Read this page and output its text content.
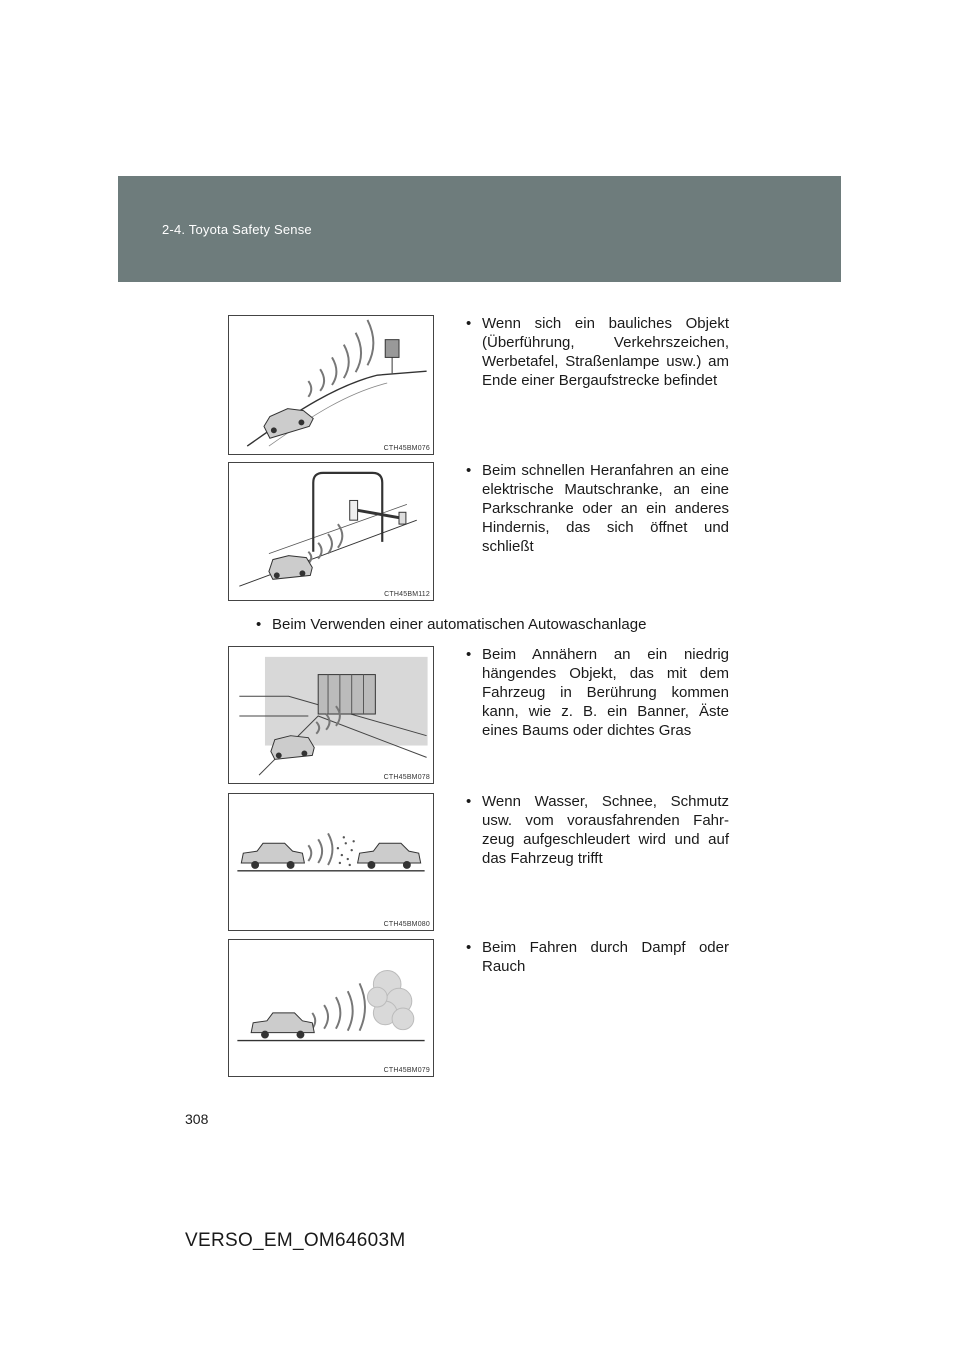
2-4. Toyota Safety Sense
CTH45BM076
• Wenn sich ein bauliches Objekt (Überführung, Verkehrszeichen, Werbetafel, Straßenlampe usw.) am Ende einer Bergaufstrecke befindet
CTH45BM112
• Beim schnellen Heranfahren an eine elektrische Mautschranke, an eine Parkschranke oder an ein anderes Hindernis, das sich öffnet und schließt
• Beim Verwenden einer automatischen Autowaschanlage
CTH45BM078
• Beim Annähern an ein niedrig hängendes Objekt, das mit dem Fahrzeug in Berührung kommen kann, wie z. B. ein Banner, Äste eines Baums oder dichtes Gras
CTH45BM080
• Wenn Wasser, Schnee, Schmutz usw. vom vorausfahrenden Fahr-zeug aufgeschleudert wird und auf das Fahrzeug trifft
CTH45BM079
• Beim Fahren durch Dampf oder Rauch
308
VERSO_EM_OM64603M
